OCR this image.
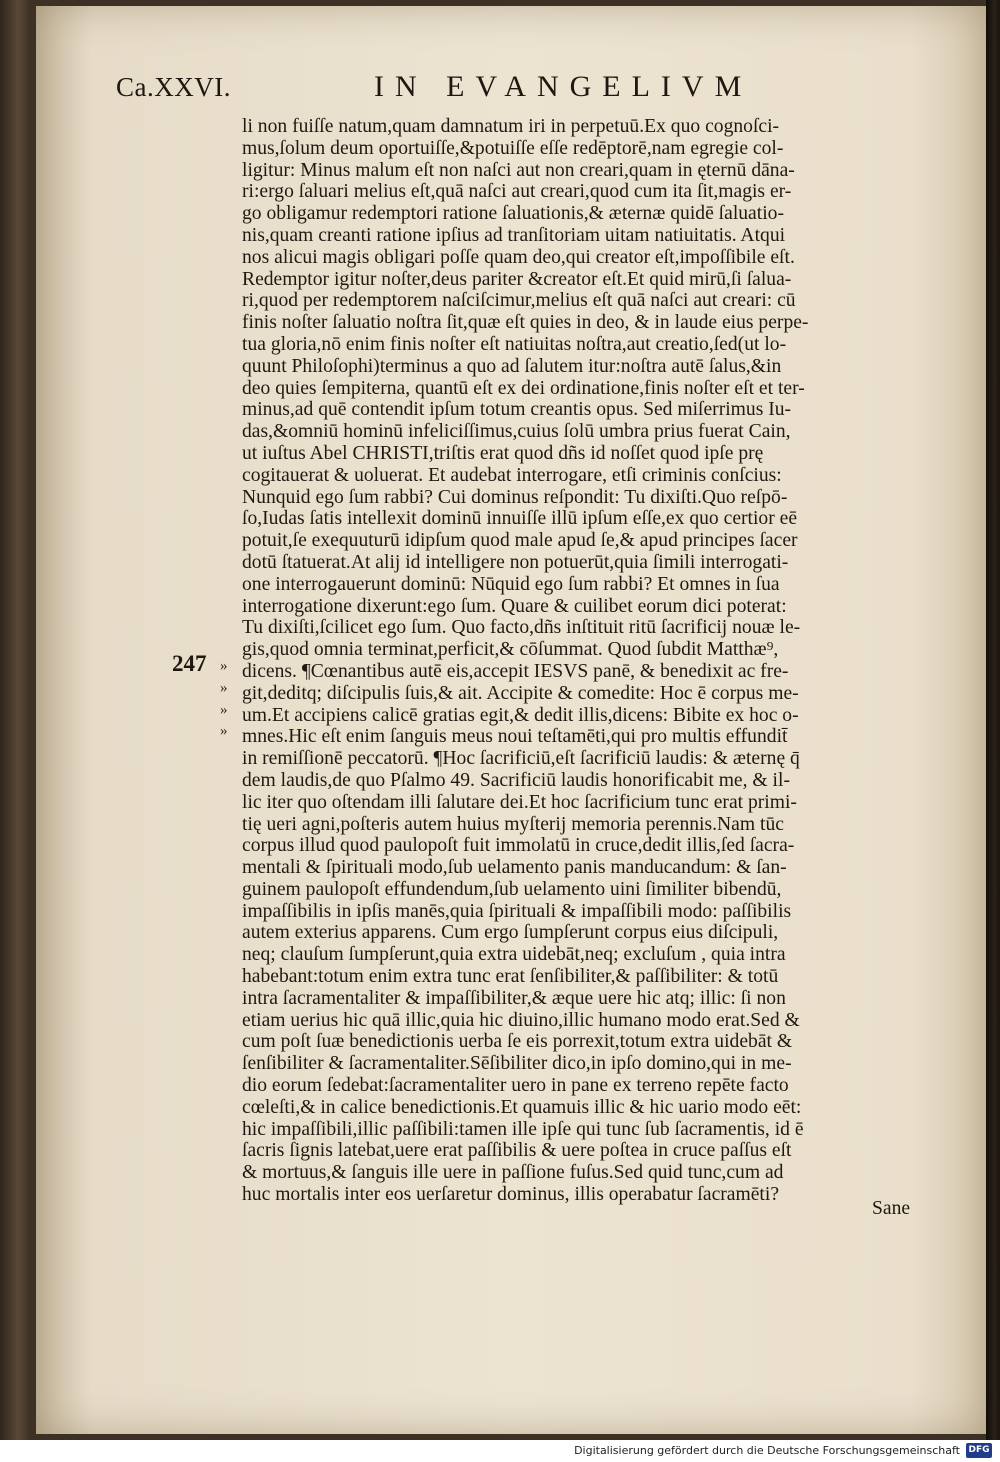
Ca.XXVI.	IN EVANGELIVM
247 »
»
»
»
li non fuiſſe natum,quam damnatum iri in perpetuū.Ex quo cognoſci-
mus,ſolum deum oportuiſſe,&potuiſſe eſſe redēptorē,nam egregie col-
ligitur: Minus malum eſt non naſci aut non creari,quam in ęternū dāna-
ri:ergo ſaluari melius eſt,quā naſci aut creari,quod cum ita ſit,magis er-
go obligamur redemptori ratione ſaluationis,& æternæ quidē ſaluatio-
nis,quam creanti ratione ipſius ad tranſitoriam uitam natiuitatis. Atqui
nos alicui magis obligari poſſe quam deo,qui creator eſt,impoſſibile eſt.
Redemptor igitur noſter,deus pariter &creator eſt.Et quid mirū,ſi ſalua-
ri,quod per redemptorem naſciſcimur,melius eſt quā naſci aut creari: cū
finis noſter ſaluatio noſtra ſit,quæ eſt quies in deo, & in laude eius perpe-
tua gloria,nō enim finis noſter eſt natiuitas noſtra,aut creatio,ſed(ut lo-
quunt Philoſophi)terminus a quo ad ſalutem itur:noſtra autē ſalus,&in
deo quies ſempiterna, quantū eſt ex dei ordinatione,finis noſter eſt et ter-
minus,ad quē contendit ipſum totum creantis opus. Sed miſerrimus Iu-
das,&omniū hominū infeliciſſimus,cuius ſolū umbra prius fuerat Cain,
ut iuſtus Abel CHRISTI,triſtis erat quod dñs id noſſet quod ipſe prę
cogitauerat & uoluerat. Et audebat interrogare, etſi criminis conſcius:
Nunquid ego ſum rabbi? Cui dominus reſpondit: Tu dixiſti.Quo reſpō-
ſo,Iudas ſatis intellexit dominū innuiſſe illū ipſum eſſe,ex quo certior eē
potuit,ſe exequuturū idipſum quod male apud ſe,& apud principes ſacer
dotū ſtatuerat.At alij id intelligere non potuerūt,quia ſimili interrogati-
one interrogauerunt dominū: Nūquid ego ſum rabbi? Et omnes in ſua
interrogatione dixerunt:ego ſum. Quare & cuilibet eorum dici poterat:
Tu dixiſti,ſcilicet ego ſum. Quo facto,dñs inſtituit ritū ſacrificij nouæ le-
gis,quod omnia terminat,perficit,& cōſummat. Quod ſubdit Matthæ⁹,
dicens. ¶Cœnantibus autē eis,accepit IESVS panē, & benedixit ac fre-
git,deditq; diſcipulis ſuis,& ait. Accipite & comedite: Hoc ē corpus me-
um.Et accipiens calicē gratias egit,& dedit illis,dicens: Bibite ex hoc o-
mnes.Hic eſt enim ſanguis meus noui teſtamēti,qui pro multis effundit̄
in remiſſionē peccatorū. ¶Hoc ſacrificiū,eſt ſacrificiū laudis: & æternę q̄
dem laudis,de quo Pſalmo 49. Sacrificiū laudis honorificabit me, & il-
lic iter quo oſtendam illi ſalutare dei.Et hoc ſacrificium tunc erat primi-
tię ueri agni,poſteris autem huius myſterij memoria perennis.Nam tūc
corpus illud quod paulopoſt fuit immolatū in cruce,dedit illis,ſed ſacra-
mentali & ſpirituali modo,ſub uelamento panis manducandum: & ſan-
guinem paulopoſt effundendum,ſub uelamento uini ſimiliter bibendū,
impaſſibilis in ipſis manēs,quia ſpirituali & impaſſibili modo: paſſibilis
autem exterius apparens. Cum ergo ſumpſerunt corpus eius diſcipuli,
neq; clauſum ſumpſerunt,quia extra uidebāt,neq; excluſum , quia intra
habebant:totum enim extra tunc erat ſenſibiliter,& paſſibiliter: & totū
intra ſacramentaliter & impaſſibiliter,& æque uere hic atq; illic: ſi non
etiam uerius hic quā illic,quia hic diuino,illic humano modo erat.Sed &
cum poſt ſuæ benedictionis uerba ſe eis porrexit,totum extra uidebāt &
ſenſibiliter & ſacramentaliter.Sēſibiliter dico,in ipſo domino,qui in me-
dio eorum ſedebat:ſacramentaliter uero in pane ex terreno repēte facto
cœleſti,& in calice benedictionis.Et quamuis illic & hic uario modo eēt:
hic impaſſibili,illic paſſibili:tamen ille ipſe qui tunc ſub ſacramentis, id ē
ſacris ſignis latebat,uere erat paſſibilis & uere poſtea in cruce paſſus eſt
& mortuus,& ſanguis ille uere in paſſione fuſus.Sed quid tunc,cum ad
huc mortalis inter eos uerſaretur dominus, illis operabatur ſacramēti?
Sane
Digitalisierung gefördert durch die Deutsche Forschungsgemeinschaft DFG
